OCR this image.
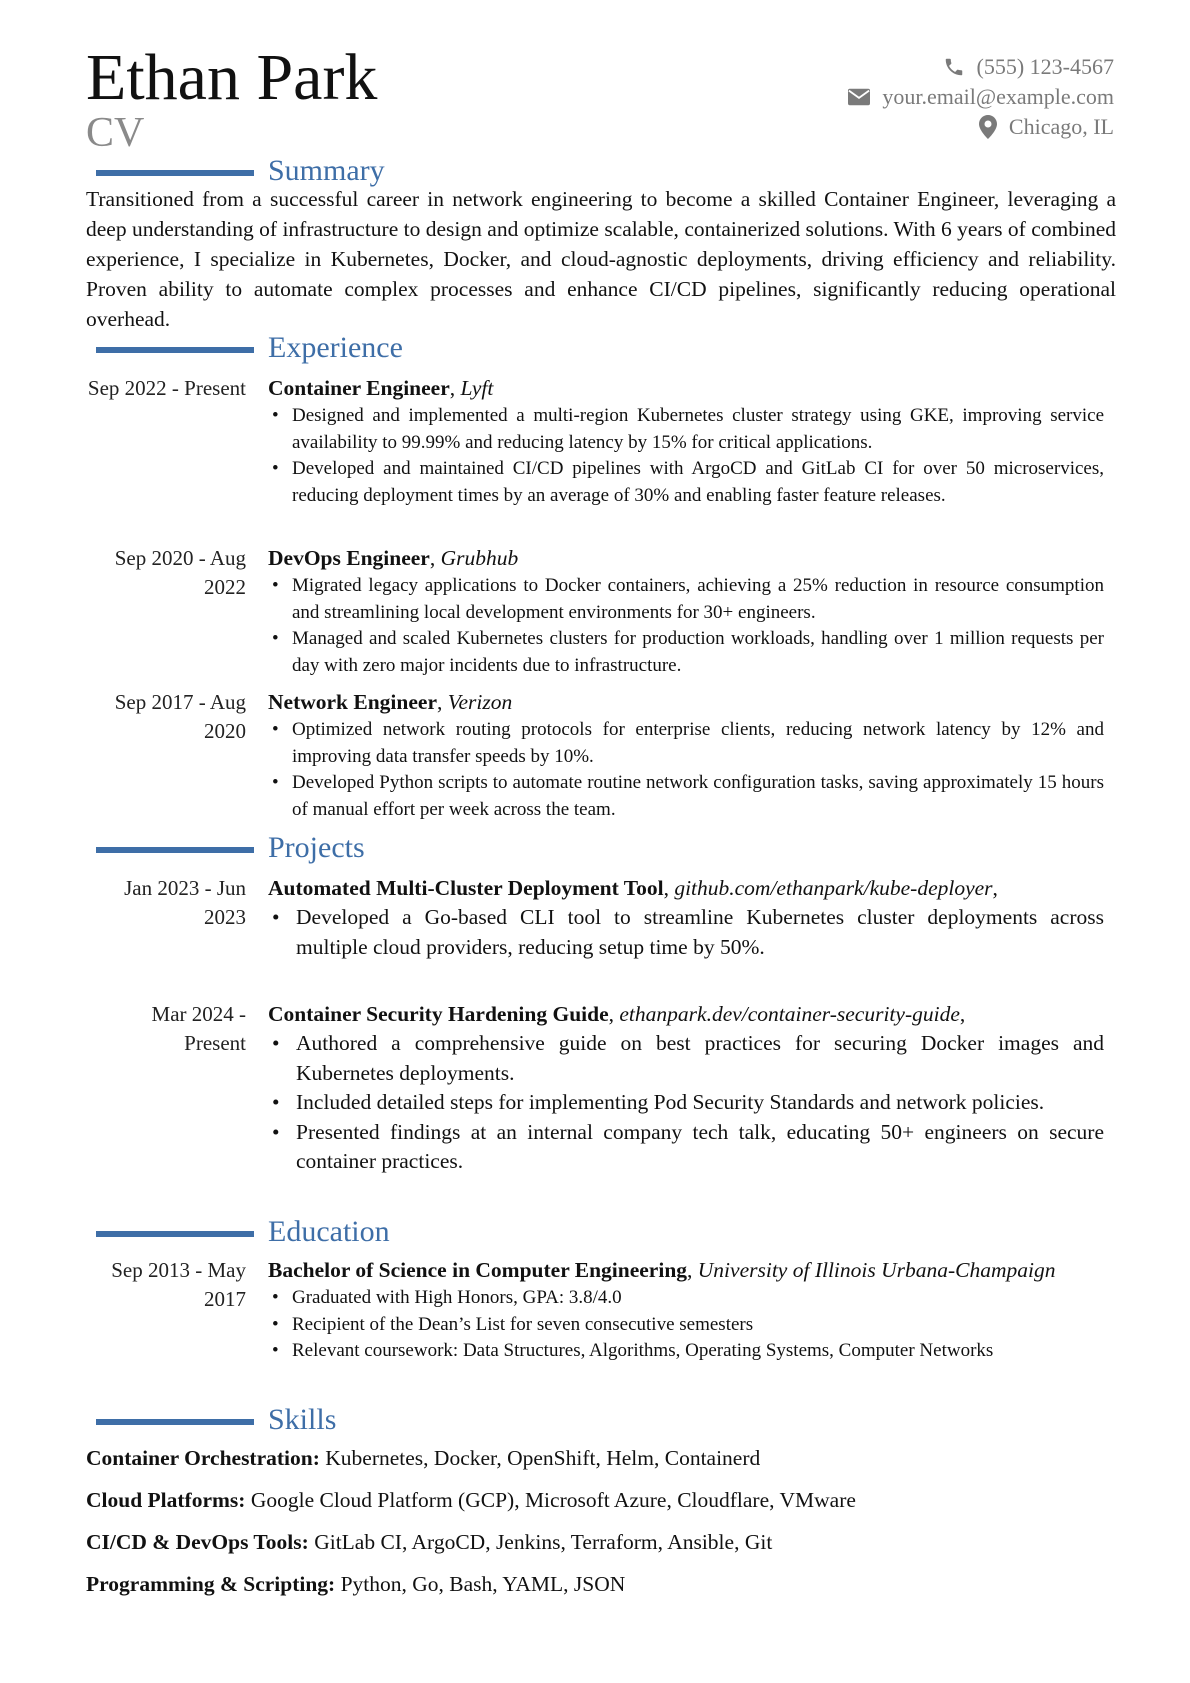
Ethan Park
CV
(555) 123-4567
your.email@example.com
Chicago, IL
Summary

Transitioned from a successful career in network engineering to become a skilled Container Engineer, leveraging a deep understanding of infrastructure to design and optimize scalable, containerized solutions. With 6 years of combined experience, I specialize in Kubernetes, Docker, and cloud-agnostic deployments, driving efficiency and reliability. Proven ability to automate complex processes and enhance CI/CD pipelines, significantly reducing operational overhead.

Experience
Sep 2022 - Present Container Engineer, Lyft

• Designed and implemented a multi-region Kubernetes cluster strategy using GKE, improving service availability to 99.99% and reducing latency by 15% for critical applications.
• Developed and maintained CI/CD pipelines with ArgoCD and GitLab CI for over 50 microservices, reducing deployment times by an average of 30% and enabling faster feature releases.
Sep 2020 - Aug 2022

DevOps Engineer, Grubhub

• Migrated legacy applications to Docker containers, achieving a 25% reduction in resource consumption and streamlining local development environments for 30+ engineers.
• Managed and scaled Kubernetes clusters for production workloads, handling over 1 million requests per day with zero major incidents due to infrastructure.
Sep 2017 - Aug 2020

Network Engineer, Verizon

• Optimized network routing protocols for enterprise clients, reducing network latency by 12% and improving data transfer speeds by 10%.
• Developed Python scripts to automate routine network configuration tasks, saving approximately 15 hours of manual effort per week across the team.
Projects
Jan 2023 - Jun 2023

Automated Multi-Cluster Deployment Tool, github.com/ethanpark/kube-deployer,

• Developed a Go-based CLI tool to streamline Kubernetes cluster deployments across multiple cloud providers, reducing setup time by 50%.
Mar 2024 - Present

Container Security Hardening Guide, ethanpark.dev/container-security-guide,

• Authored a comprehensive guide on best practices for securing Docker images and Kubernetes deployments.
• Included detailed steps for implementing Pod Security Standards and network policies.
• Presented findings at an internal company tech talk, educating 50+ engineers on secure container practices.
Education
Sep 2013 - May 2017

Bachelor of Science in Computer Engineering, University of Illinois Urbana-Champaign

• Graduated with High Honors, GPA: 3.8/4.0
• Recipient of the Dean’s List for seven consecutive semesters
• Relevant coursework: Data Structures, Algorithms, Operating Systems, Computer Networks
Skills
Container Orchestration: Kubernetes, Docker, OpenShift, Helm, Containerd
Cloud Platforms: Google Cloud Platform (GCP), Microsoft Azure, Cloudflare, VMware
CI/CD & DevOps Tools: GitLab CI, ArgoCD, Jenkins, Terraform, Ansible, Git
Programming & Scripting: Python, Go, Bash, YAML, JSON
